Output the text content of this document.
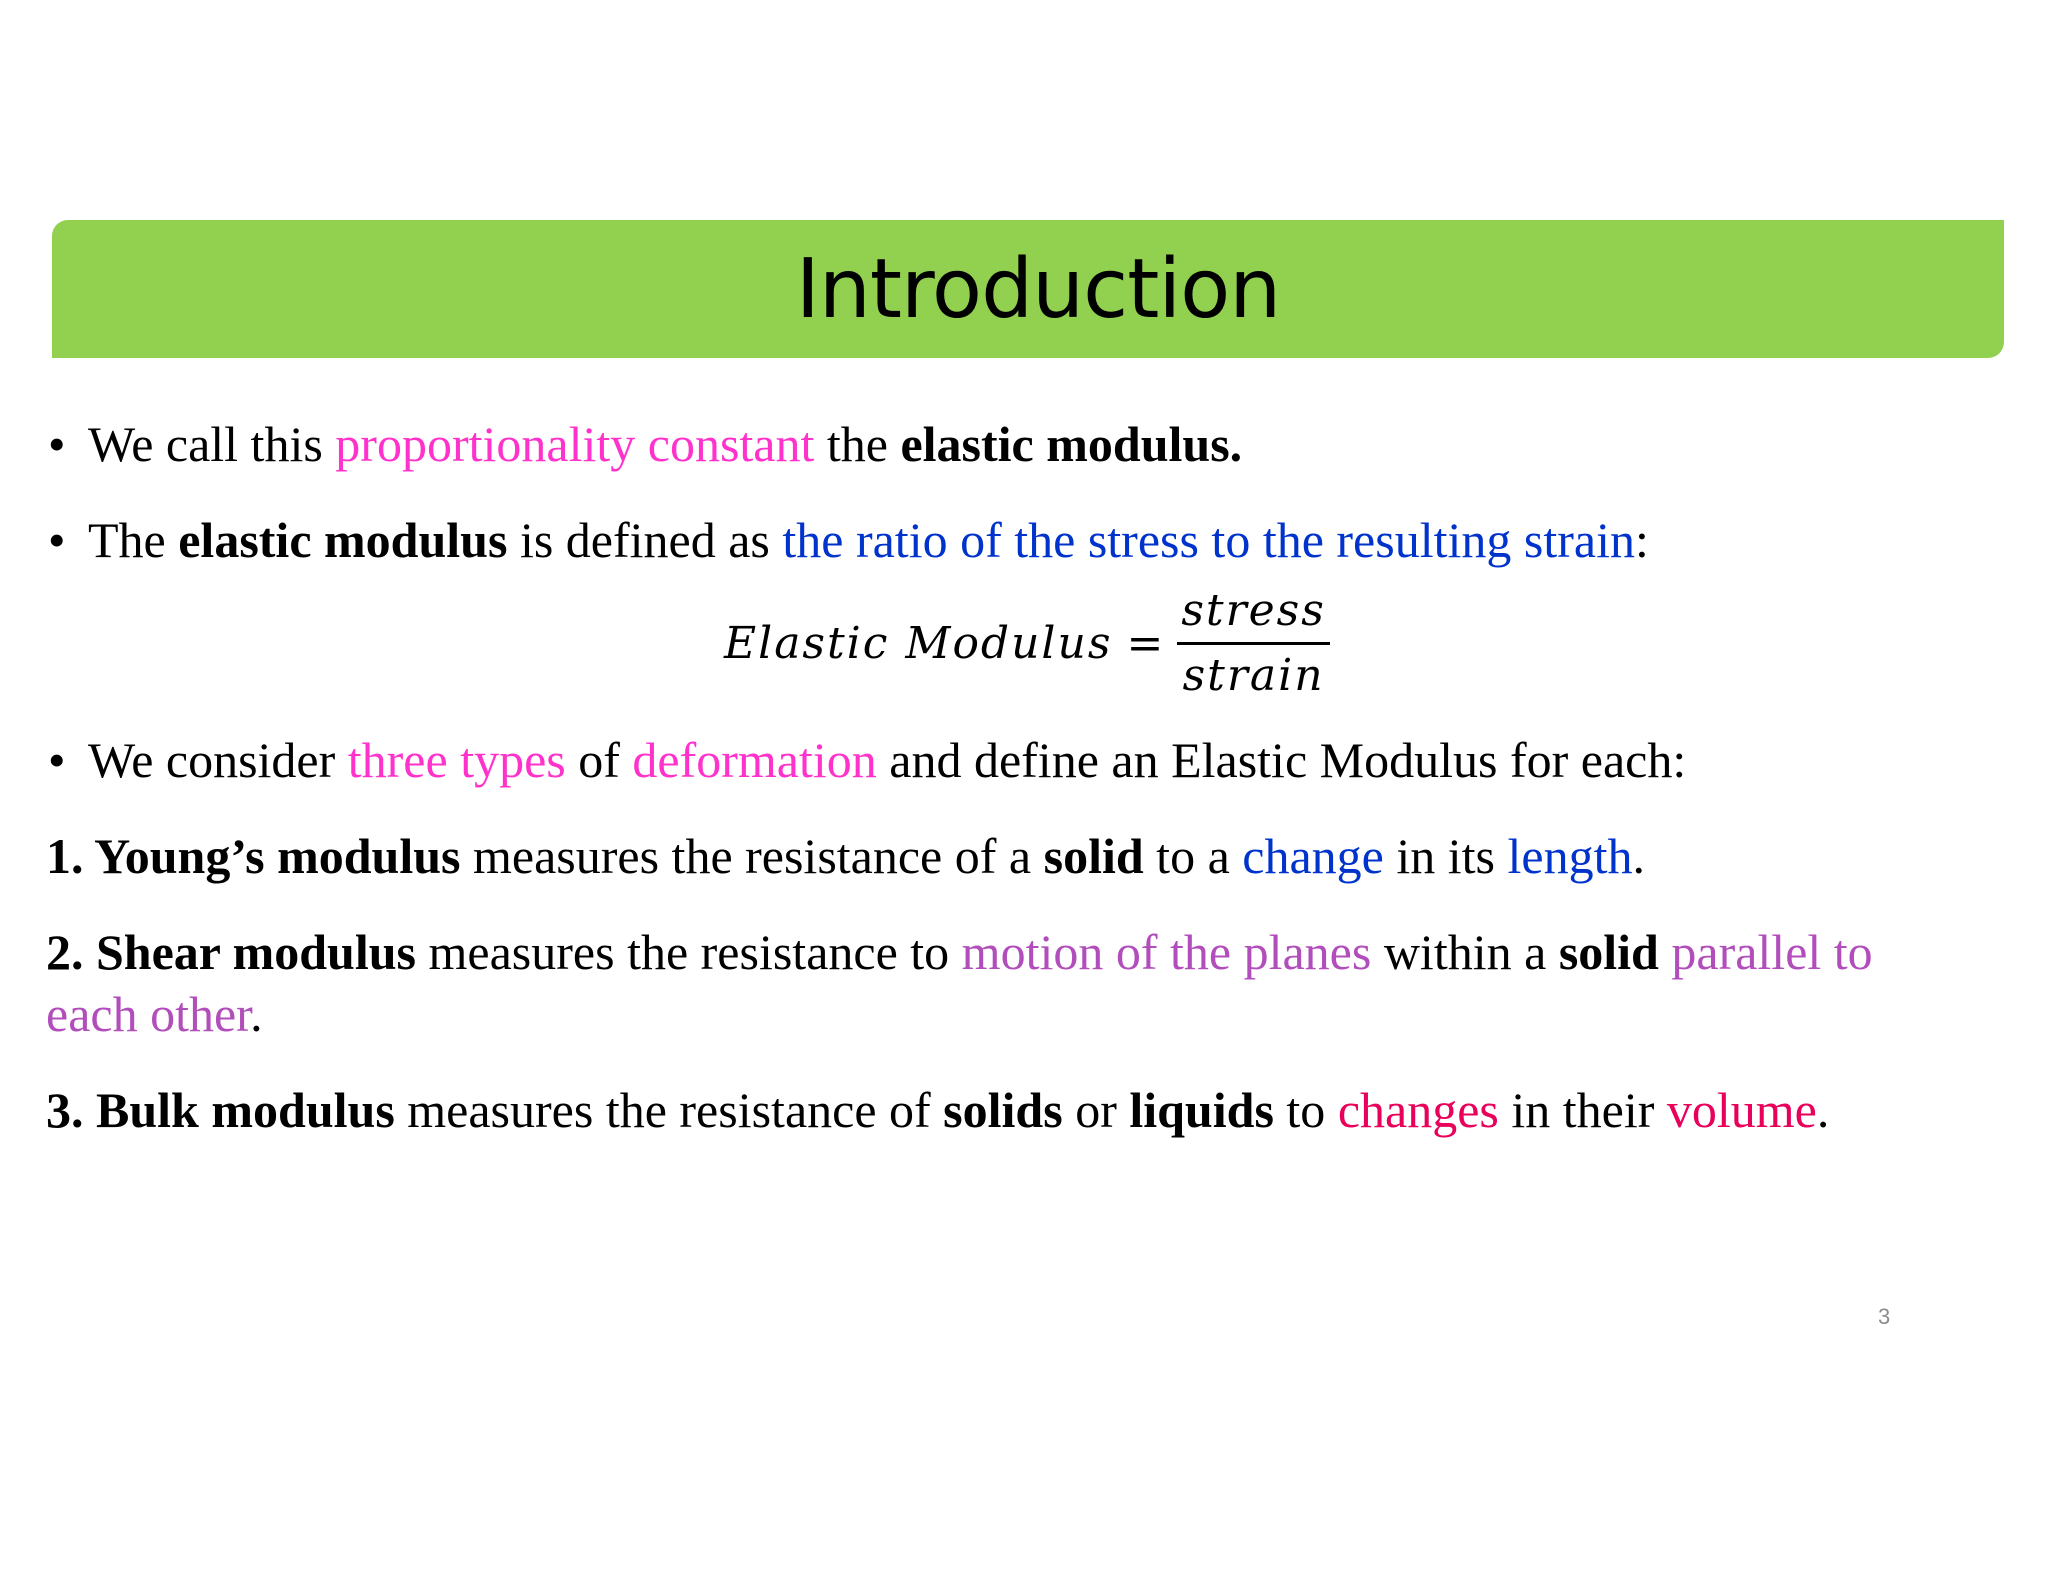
Introduction
• We call this proportionality constant the elastic modulus.
• The elastic modulus is defined as the ratio of the stress to the resulting strain:
Elastic Modulus = $\frac{\text{stress}}{\text{strain}}$
• We consider three types of deformation and define an Elastic Modulus for each:
1. Young’s modulus measures the resistance of a solid to a change in its length.
2. Shear modulus measures the resistance to motion of the planes within a solid parallel to
each other.
3. Bulk modulus measures the resistance of solids or liquids to changes in their volume.
3
